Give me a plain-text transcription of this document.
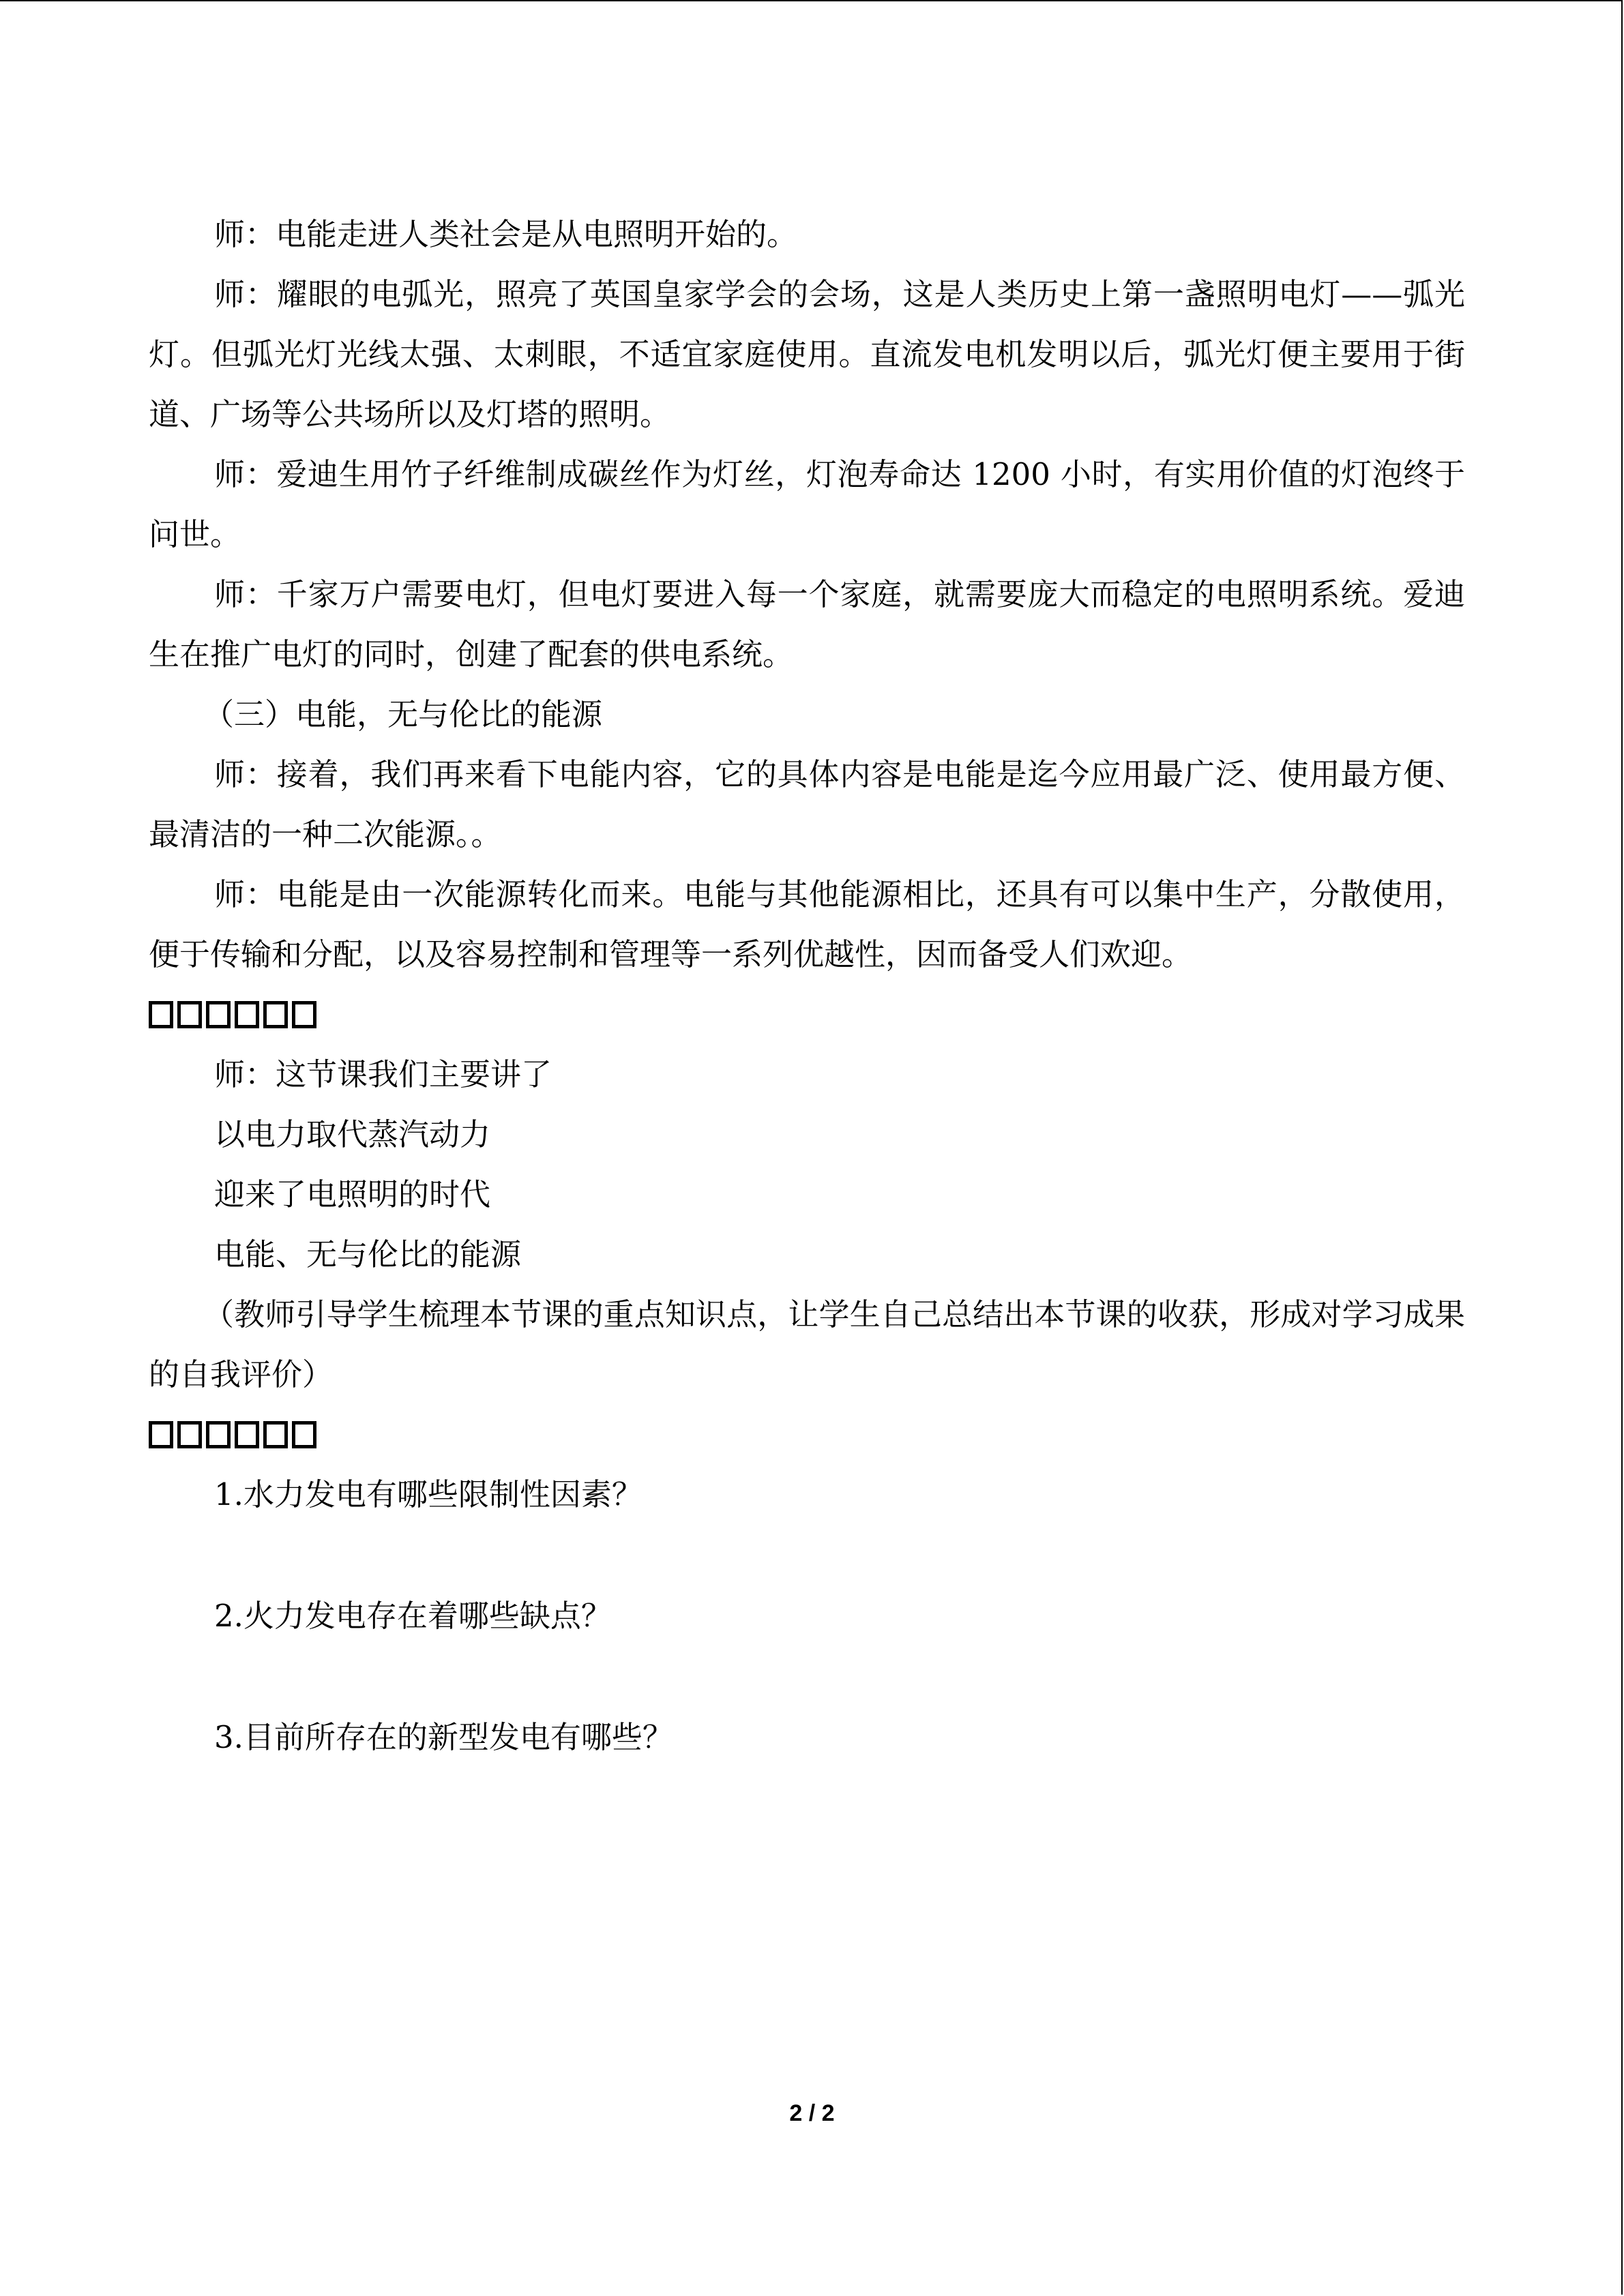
师：电能走进人类社会是从电照明开始的。

师：耀眼的电弧光，照亮了英国皇家学会的会场，这是人类历史上第一盏照明电灯——弧光灯。但弧光灯光线太强、太刺眼，不适宜家庭使用。直流发电机发明以后，弧光灯便主要用于街道、广场等公共场所以及灯塔的照明。

师：爱迪生用竹子纤维制成碳丝作为灯丝，灯泡寿命达 1200 小时，有实用价值的灯泡终于问世。

师：千家万户需要电灯，但电灯要进入每一个家庭，就需要庞大而稳定的电照明系统。爱迪生在推广电灯的同时，创建了配套的供电系统。

（三）电能，无与伦比的能源

师：接着，我们再来看下电能内容，它的具体内容是电能是迄今应用最广泛、使用最方便、最清洁的一种二次能源。。

师：电能是由一次能源转化而来。电能与其他能源相比，还具有可以集中生产，分散使用，便于传输和分配，以及容易控制和管理等一系列优越性，因而备受人们欢迎。

师：这节课我们主要讲了

以电力取代蒸汽动力

迎来了电照明的时代

电能、无与伦比的能源

（教师引导学生梳理本节课的重点知识点，让学生自己总结出本节课的收获，形成对学习成果的自我评价）

1.水力发电有哪些限制性因素？

2.火力发电存在着哪些缺点？

3.目前所存在的新型发电有哪些？

2 / 2
